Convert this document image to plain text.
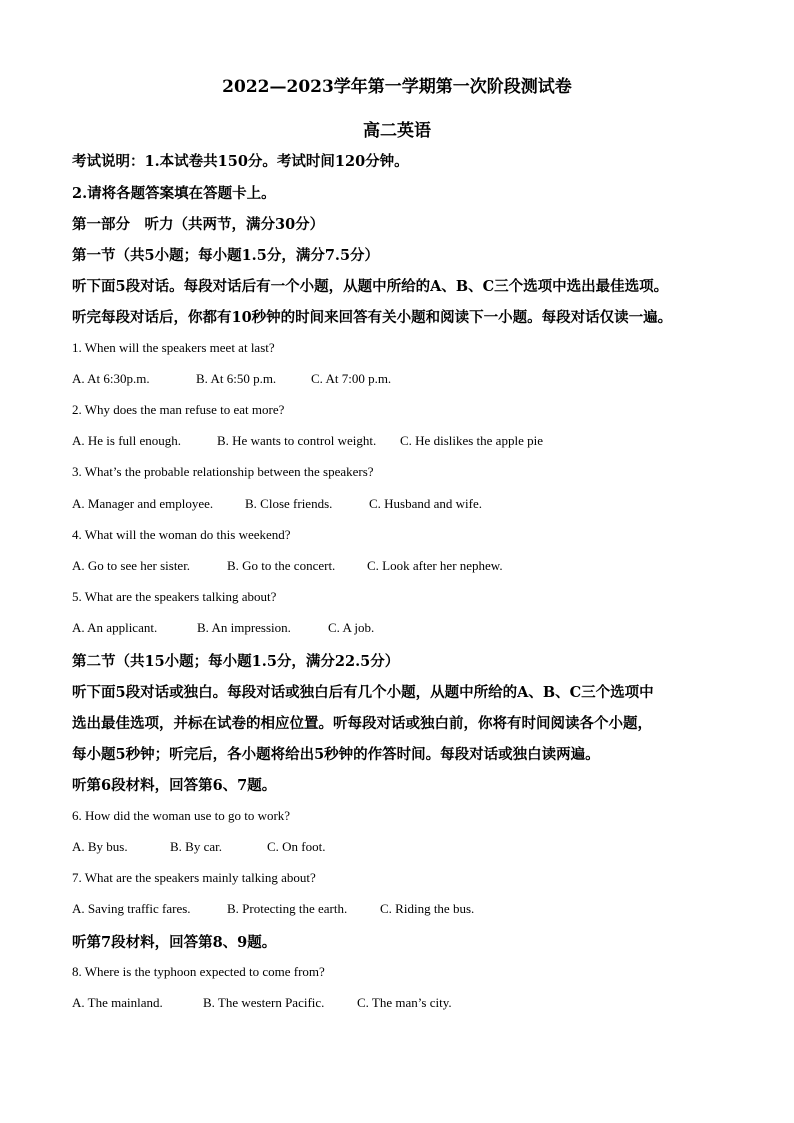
2022—2023学年第一学期第一次阶段测试卷
高二英语
考试说明：1.本试卷共150分。考试时间120分钟。
2.请将各题答案填在答题卡上。
第一部分　听力（共两节，满分30分）
第一节（共5小题；每小题1.5分，满分7.5分）
听下面5段对话。每段对话后有一个小题，从题中所给的A、B、C三个选项中选出最佳选项。
听完每段对话后，你都有10秒钟的时间来回答有关小题和阅读下一小题。每段对话仅读一遍。
1. When will the speakers meet at last?
A. At 6:30p.m.	B. At 6:50 p.m.	C. At 7:00 p.m.
2. Why does the man refuse to eat more?
A. He is full enough.	B. He wants to control weight. C. He dislikes the apple pie
3. What’s the probable relationship between the speakers?
A. Manager and employee. B. Close friends.	C. Husband and wife.
4. What will the woman do this weekend?
A. Go to see her sister.	B. Go to the concert. C. Look after her nephew.
5. What are the speakers talking about?
A. An applicant.	B. An impression.	C. A job.
第二节（共15小题；每小题1.5分，满分22.5分）
听下面5段对话或独白。每段对话或独白后有几个小题，从题中所给的A、B、C三个选项中
选出最佳选项，并标在试卷的相应位置。听每段对话或独白前，你将有时间阅读各个小题，
每小题5秒钟；听完后，各小题将给出5秒钟的作答时间。每段对话或独白读两遍。
听第6段材料，回答第6、7题。
6. How did the woman use to go to work?
A. By bus.	B. By car.	C. On foot.
7. What are the speakers mainly talking about?
A. Saving traffic fares.	B. Protecting the earth.	C. Riding the bus.
听第7段材料，回答第8、9题。
8. Where is the typhoon expected to come from?
A. The mainland.	B. The western Pacific.	C. The man’s city.
